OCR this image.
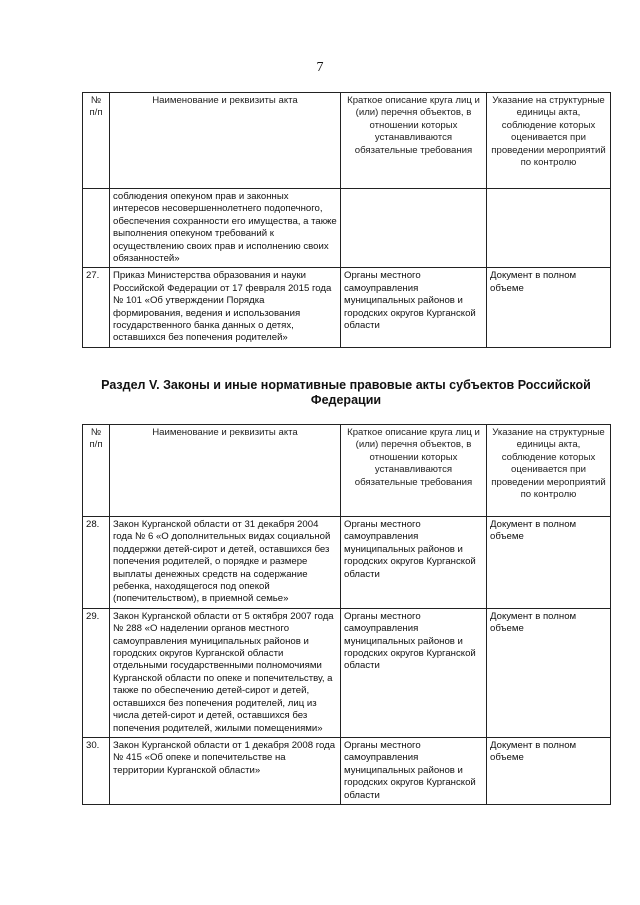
7
№ п/п	Наименование и реквизиты акта	Краткое описание круга лиц и (или) перечня объектов, в отношении которых устанавливаются обязательные требования	Указание на структурные единицы акта, соблюдение которых оценивается при проведении мероприятий по контролю
	соблюдения опекуном прав и законных интересов несовершеннолетнего подопечного, обеспечения сохранности его имущества, а также выполнения опекуном требований к осуществлению своих прав и исполнению своих обязанностей»		
27.	Приказ Министерства образования и науки Российской Федерации от 17 февраля 2015 года № 101 «Об утверждении Порядка формирования, ведения и использования государственного банка данных о детях, оставшихся без попечения родителей»	Органы местного самоуправления муниципальных районов и городских округов Курганской области	Документ в полном объеме
Раздел V. Законы и иные нормативные правовые акты субъектов Российской Федерации
№ п/п	Наименование и реквизиты акта	Краткое описание круга лиц и (или) перечня объектов, в отношении которых устанавливаются обязательные требования	Указание на структурные единицы акта, соблюдение которых оценивается при проведении мероприятий по контролю
28.	Закон Курганской области от 31 декабря 2004 года № 6 «О дополнительных видах социальной поддержки детей-сирот и детей, оставшихся без попечения родителей, о порядке и размере выплаты денежных средств на содержание ребенка, находящегося под опекой (попечительством), в приемной семье»	Органы местного самоуправления муниципальных районов и городских округов Курганской области	Документ в полном объеме
29.	Закон Курганской области от 5 октября 2007 года № 288 «О наделении органов местного самоуправления муниципальных районов и городских округов Курганской области отдельными государственными полномочиями Курганской области по опеке и попечительству, а также по обеспечению детей-сирот и детей, оставшихся без попечения родителей, лиц из числа детей-сирот и детей, оставшихся без попечения родителей, жилыми помещениями»	Органы местного самоуправления муниципальных районов и городских округов Курганской области	Документ в полном объеме
30.	Закон Курганской области от 1 декабря 2008 года № 415 «Об опеке и попечительстве на территории Курганской области»	Органы местного самоуправления муниципальных районов и городских округов Курганской области	Документ в полном объеме
